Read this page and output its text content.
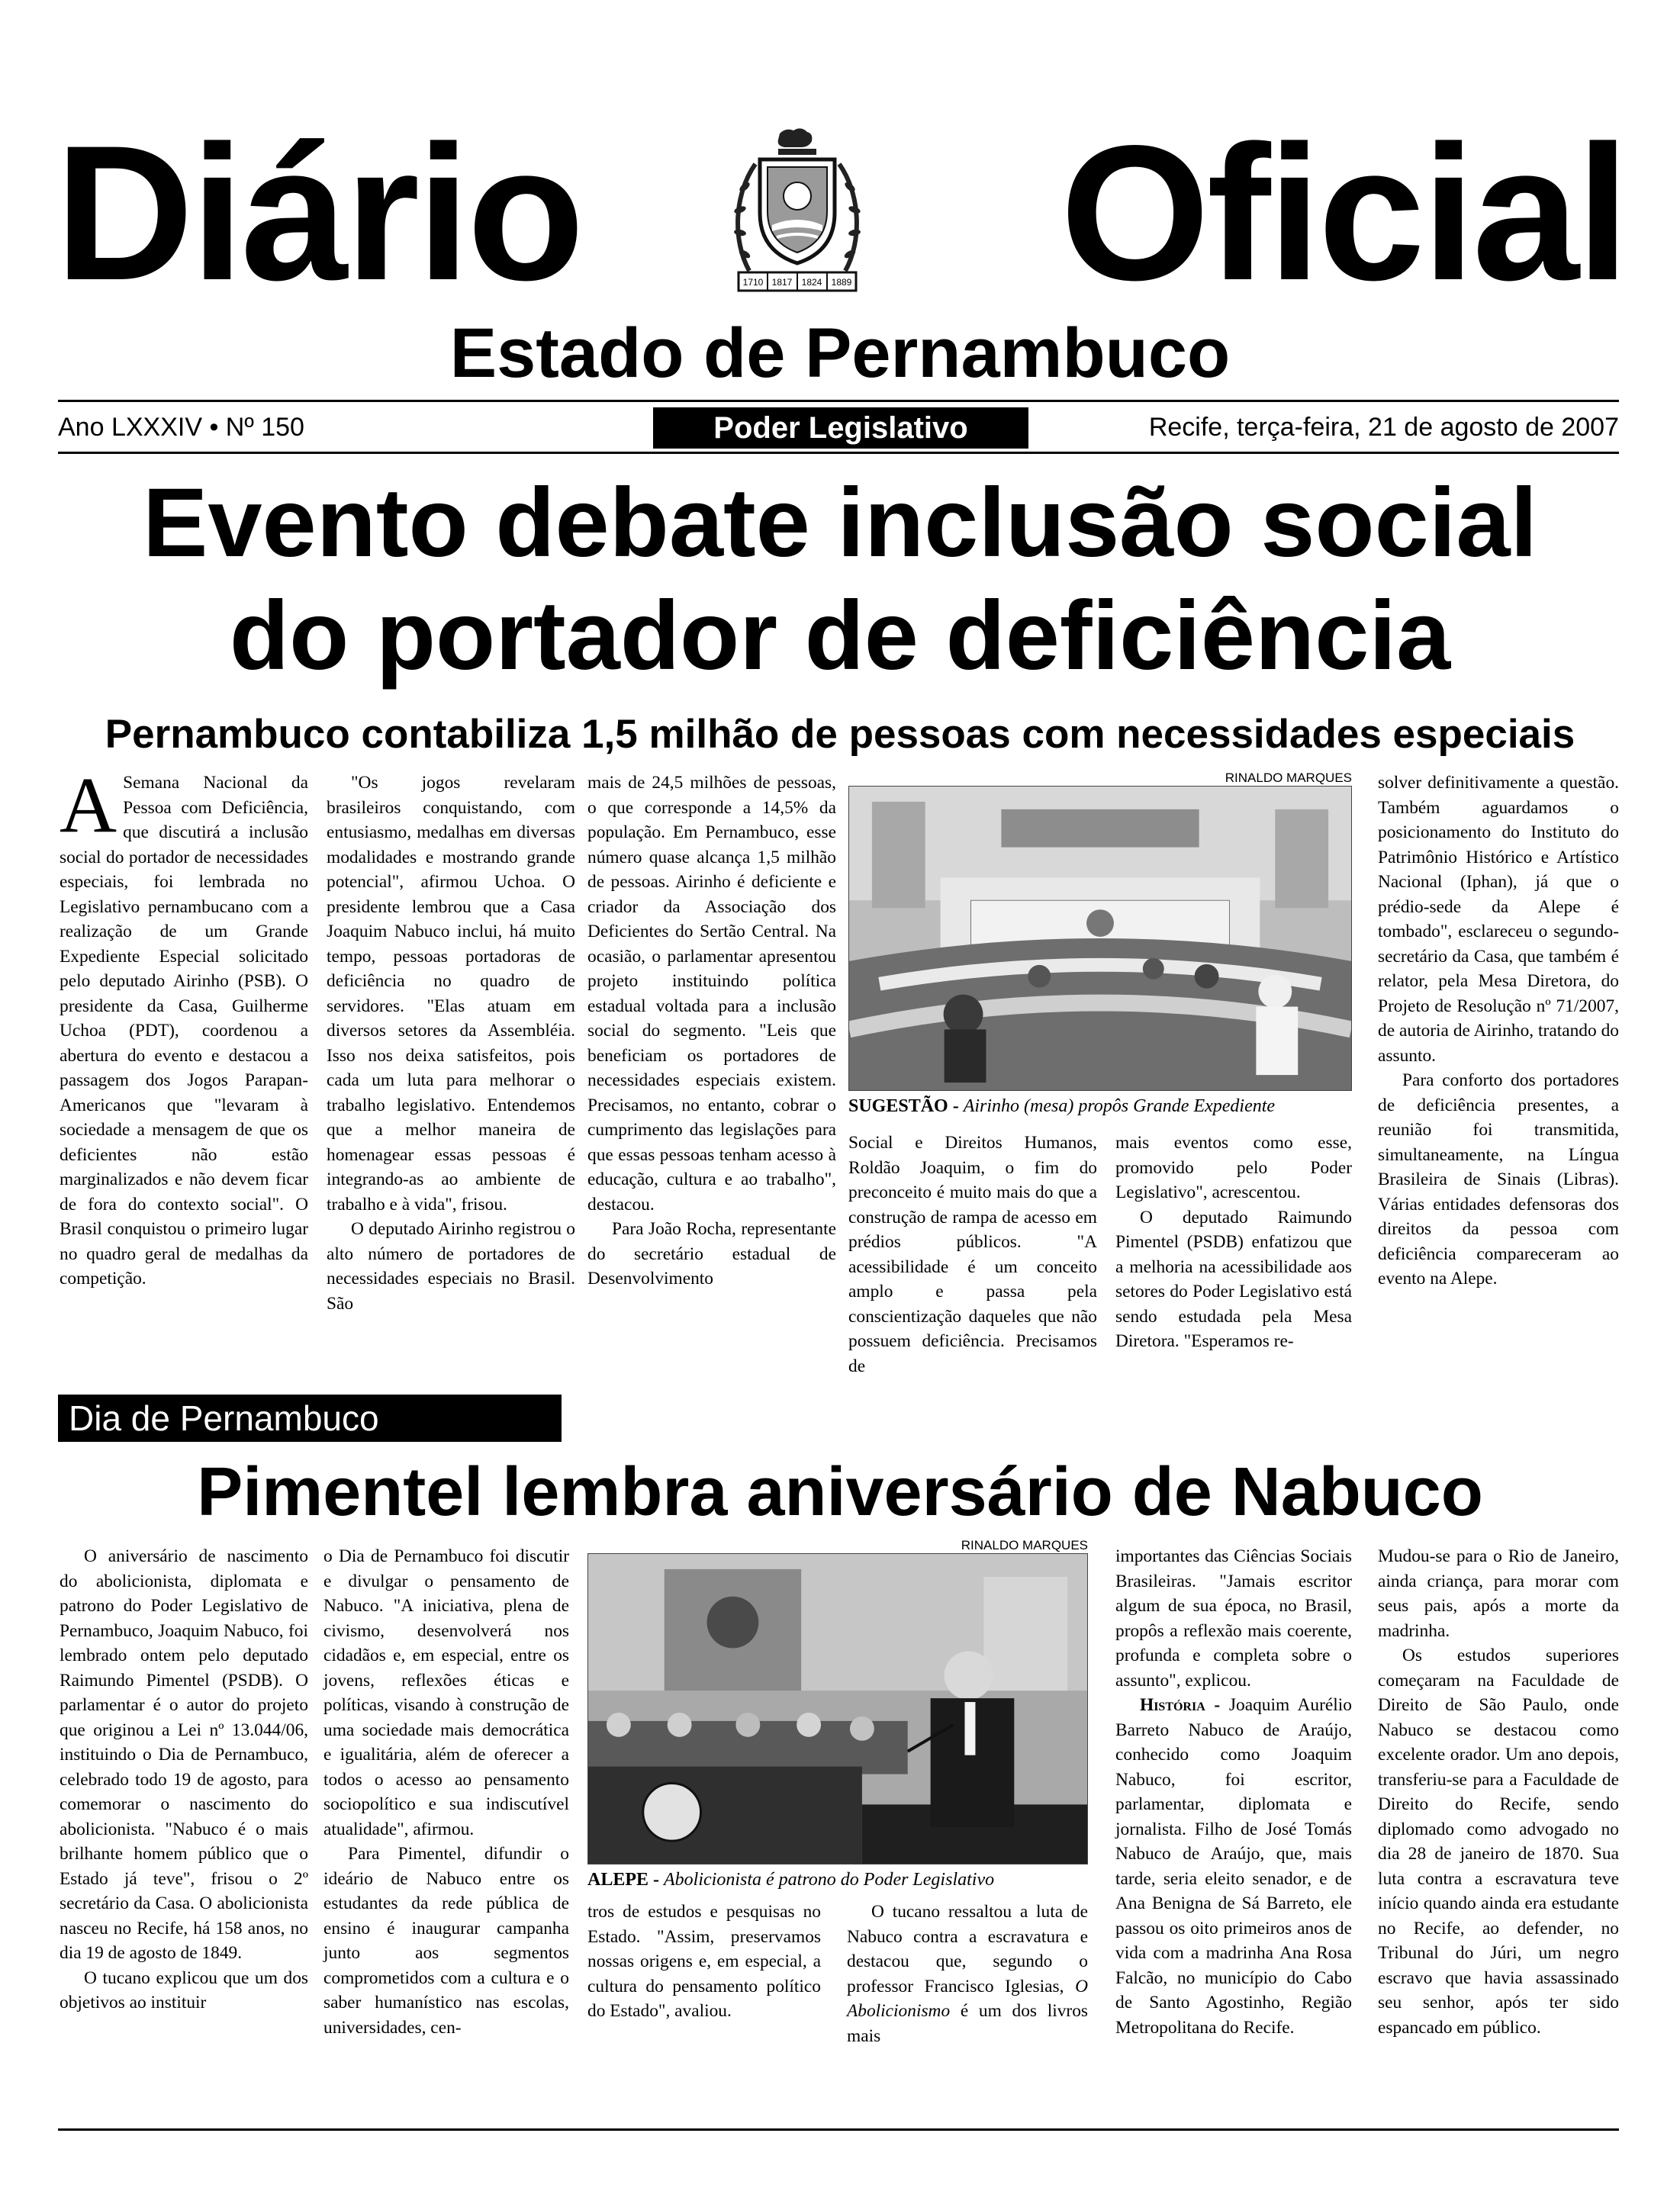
Diário Oficial
1710 1817 1824 1889
Estado de Pernambuco
Ano LXXXIV • Nº 150	Poder Legislativo	Recife, terça-feira, 21 de agosto de 2007
Evento debate inclusão social
do portador de deficiência
Pernambuco contabiliza 1,5 milhão de pessoas com necessidades especiais

A Semana Nacional da Pessoa com Deficiência, que discutirá a inclusão social do portador de necessidades especiais, foi lembrada no Legislativo pernambucano com a realização de um Grande Expediente Especial solicitado pelo deputado Airinho (PSB). O presidente da Casa, Guilherme Uchoa (PDT), coordenou a abertura do evento e destacou a passagem dos Jogos Parapan-Americanos que "levaram à sociedade a mensagem de que os deficientes não estão marginalizados e não devem ficar de fora do contexto social". O Brasil conquistou o primeiro lugar no quadro geral de medalhas da competição.

"Os jogos revelaram brasileiros conquistando, com entusiasmo, medalhas em diversas modalidades e mostrando grande potencial", afirmou Uchoa. O presidente lembrou que a Casa Joaquim Nabuco inclui, há muito tempo, pessoas portadoras de deficiência no quadro de servidores. "Elas atuam em diversos setores da Assembléia. Isso nos deixa satisfeitos, pois cada um luta para melhorar o trabalho legislativo. Entendemos que a melhor maneira de homenagear essas pessoas é integrando-as ao ambiente de trabalho e à vida", frisou.

O deputado Airinho registrou o alto número de portadores de necessidades especiais no Brasil. São

mais de 24,5 milhões de pessoas, o que corresponde a 14,5% da população. Em Pernambuco, esse número quase alcança 1,5 milhão de pessoas. Airinho é deficiente e criador da Associação dos Deficientes do Sertão Central. Na ocasião, o parlamentar apresentou projeto instituindo política estadual voltada para a inclusão social do segmento. "Leis que beneficiam os portadores de necessidades especiais existem. Precisamos, no entanto, cobrar o cumprimento das legislações para que essas pessoas tenham acesso à educação, cultura e ao trabalho", destacou.

Para João Rocha, representante do secretário estadual de Desenvolvimento

RINALDO MARQUES
SUGESTÃO - Airinho (mesa) propôs Grande Expediente

Social e Direitos Humanos, Roldão Joaquim, o fim do preconceito é muito mais do que a construção de rampa de acesso em prédios públicos. "A acessibilidade é um conceito amplo e passa pela conscientização daqueles que não possuem deficiência. Precisamos de

mais eventos como esse, promovido pelo Poder Legislativo", acrescentou.

O deputado Raimundo Pimentel (PSDB) enfatizou que a melhoria na acessibilidade aos setores do Poder Legislativo está sendo estudada pela Mesa Diretora. "Esperamos re-

solver definitivamente a questão. Também aguardamos o posicionamento do Instituto do Patrimônio Histórico e Artístico Nacional (Iphan), já que o prédio-sede da Alepe é tombado", esclareceu o segundo-secretário da Casa, que também é relator, pela Mesa Diretora, do Projeto de Resolução nº 71/2007, de autoria de Airinho, tratando do assunto.

Para conforto dos portadores de deficiência presentes, a reunião foi transmitida, simultaneamente, na Língua Brasileira de Sinais (Libras). Várias entidades defensoras dos direitos da pessoa com deficiência compareceram ao evento na Alepe.

Dia de Pernambuco
Pimentel lembra aniversário de Nabuco

O aniversário de nascimento do abolicionista, diplomata e patrono do Poder Legislativo de Pernambuco, Joaquim Nabuco, foi lembrado ontem pelo deputado Raimundo Pimentel (PSDB). O parlamentar é o autor do projeto que originou a Lei nº 13.044/06, instituindo o Dia de Pernambuco, celebrado todo 19 de agosto, para comemorar o nascimento do abolicionista. "Nabuco é o mais brilhante homem público que o Estado já teve", frisou o 2º secretário da Casa. O abolicionista nasceu no Recife, há 158 anos, no dia 19 de agosto de 1849.

O tucano explicou que um dos objetivos ao instituir

o Dia de Pernambuco foi discutir e divulgar o pensamento de Nabuco. "A iniciativa, plena de civismo, desenvolverá nos cidadãos e, em especial, entre os jovens, reflexões éticas e políticas, visando à construção de uma sociedade mais democrática e igualitária, além de oferecer a todos o acesso ao pensamento sociopolítico e sua indiscutível atualidade", afirmou.

Para Pimentel, difundir o ideário de Nabuco entre os estudantes da rede pública de ensino é inaugurar campanha junto aos segmentos comprometidos com a cultura e o saber humanístico nas escolas, universidades, cen-

RINALDO MARQUES
ALEPE - Abolicionista é patrono do Poder Legislativo

tros de estudos e pesquisas no Estado. "Assim, preservamos nossas origens e, em especial, a cultura do pensamento político do Estado", avaliou.

O tucano ressaltou a luta de Nabuco contra a escravatura e destacou que, segundo o professor Francisco Iglesias, O Abolicionismo é um dos livros mais

importantes das Ciências Sociais Brasileiras. "Jamais escritor algum de sua época, no Brasil, propôs a reflexão mais coerente, profunda e completa sobre o assunto", explicou.

História - Joaquim Aurélio Barreto Nabuco de Araújo, conhecido como Joaquim Nabuco, foi escritor, parlamentar, diplomata e jornalista. Filho de José Tomás Nabuco de Araújo, que, mais tarde, seria eleito senador, e de Ana Benigna de Sá Barreto, ele passou os oito primeiros anos de vida com a madrinha Ana Rosa Falcão, no município do Cabo de Santo Agostinho, Região Metropolitana do Recife.

Mudou-se para o Rio de Janeiro, ainda criança, para morar com seus pais, após a morte da madrinha.

Os estudos superiores começaram na Faculdade de Direito de São Paulo, onde Nabuco se destacou como excelente orador. Um ano depois, transferiu-se para a Faculdade de Direito do Recife, sendo diplomado como advogado no dia 28 de janeiro de 1870. Sua luta contra a escravatura teve início quando ainda era estudante no Recife, ao defender, no Tribunal do Júri, um negro escravo que havia assassinado seu senhor, após ter sido espancado em público.
